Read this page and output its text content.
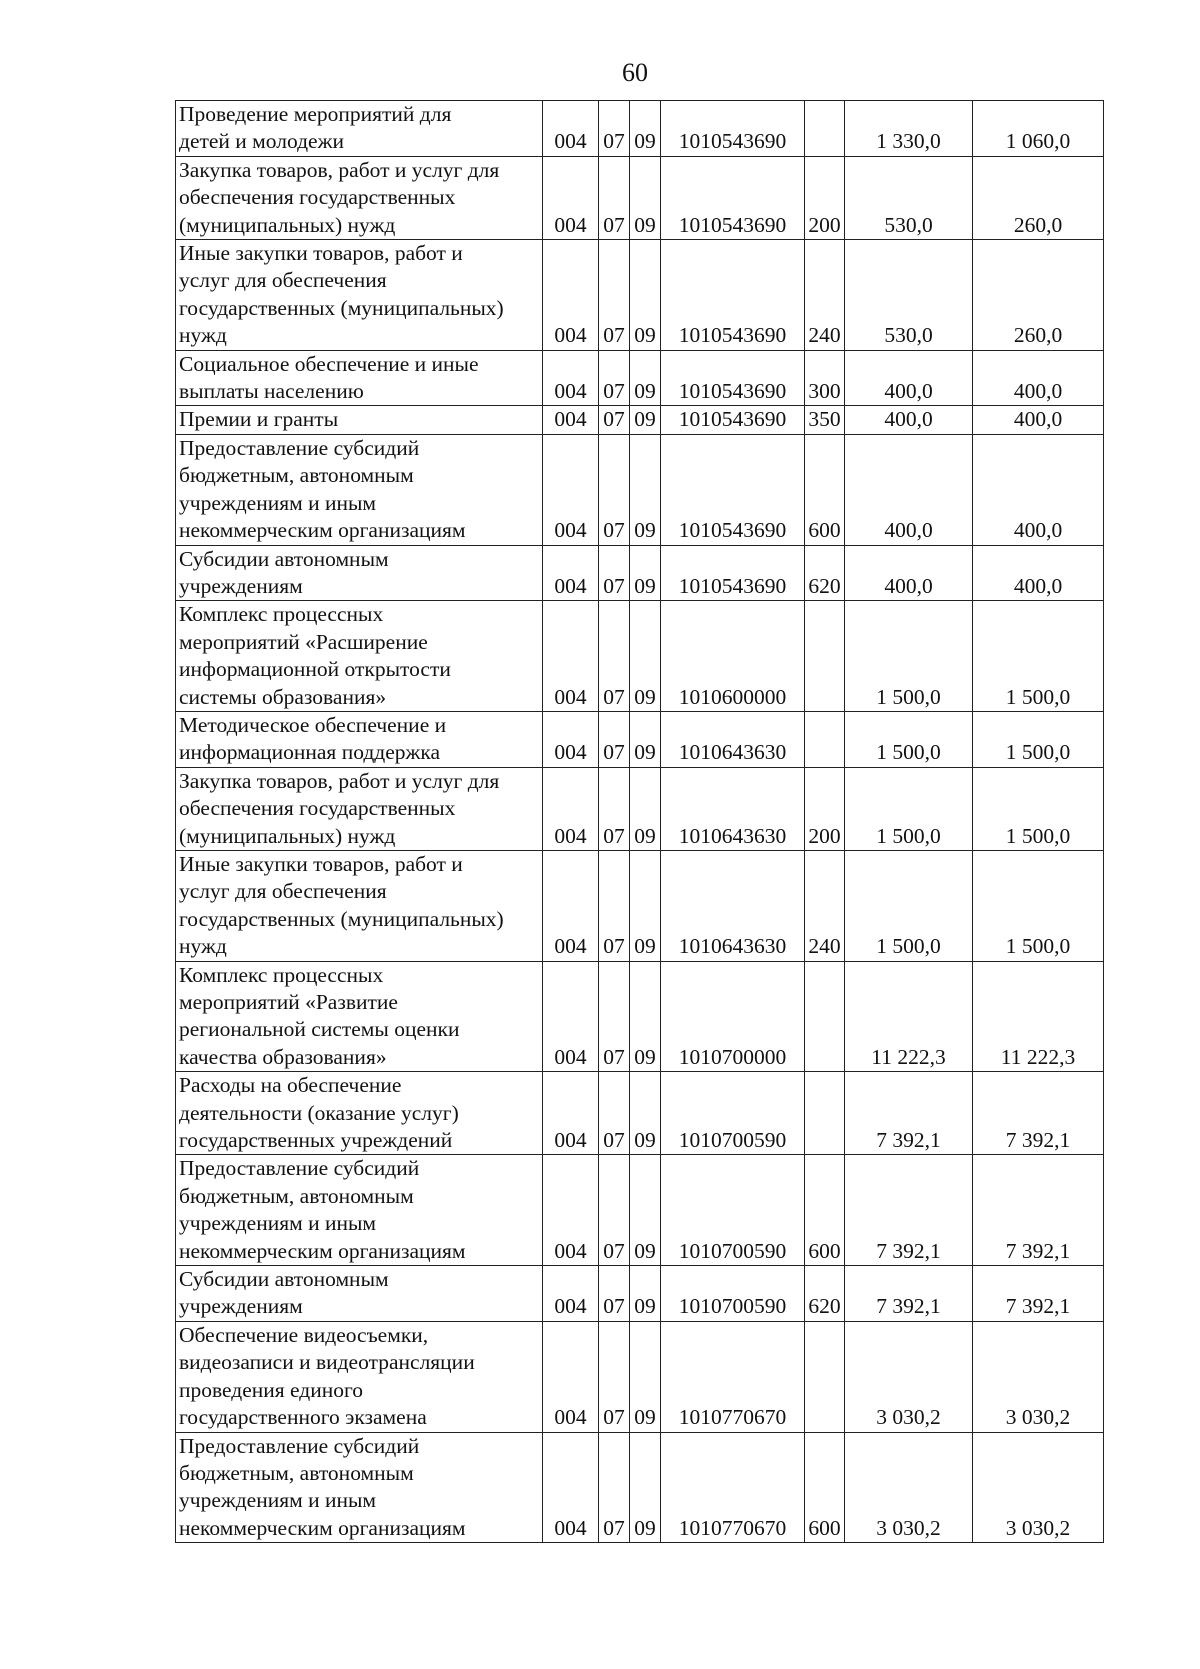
60
Проведение мероприятий для
детей и молодежи	004	07	09	1010543690		1 330,0	1 060,0

Закупка товаров, работ и услуг для
обеспечения государственных
(муниципальных) нужд	004	07	09	1010543690	200	530,0	260,0

Иные закупки товаров, работ и
услуг для обеспечения
государственных (муниципальных)
нужд	004	07	09	1010543690	240	530,0	260,0

Социальное обеспечение и иные
выплаты населению	004	07	09	1010543690	300	400,0	400,0

Премии и гранты	004	07	09	1010543690	350	400,0	400,0

Предоставление субсидий
бюджетным, автономным
учреждениям и иным
некоммерческим организациям	004	07	09	1010543690	600	400,0	400,0

Субсидии автономным
учреждениям	004	07	09	1010543690	620	400,0	400,0

Комплекс процессных
мероприятий «Расширение
информационной открытости
системы образования»	004	07	09	1010600000		1 500,0	1 500,0

Методическое обеспечение и
информационная поддержка	004	07	09	1010643630		1 500,0	1 500,0

Закупка товаров, работ и услуг для
обеспечения государственных
(муниципальных) нужд	004	07	09	1010643630	200	1 500,0	1 500,0

Иные закупки товаров, работ и
услуг для обеспечения
государственных (муниципальных)
нужд	004	07	09	1010643630	240	1 500,0	1 500,0

Комплекс процессных
мероприятий «Развитие
региональной системы оценки
качества образования»	004	07	09	1010700000		11 222,3	11 222,3

Расходы на обеспечение
деятельности (оказание услуг)
государственных учреждений	004	07	09	1010700590		7 392,1	7 392,1

Предоставление субсидий
бюджетным, автономным
учреждениям и иным
некоммерческим организациям	004	07	09	1010700590	600	7 392,1	7 392,1

Субсидии автономным
учреждениям	004	07	09	1010700590	620	7 392,1	7 392,1

Обеспечение видеосъемки,
видеозаписи и видеотрансляции
проведения единого
государственного экзамена	004	07	09	1010770670		3 030,2	3 030,2

Предоставление субсидий
бюджетным, автономным
учреждениям и иным
некоммерческим организациям	004	07	09	1010770670	600	3 030,2	3 030,2
